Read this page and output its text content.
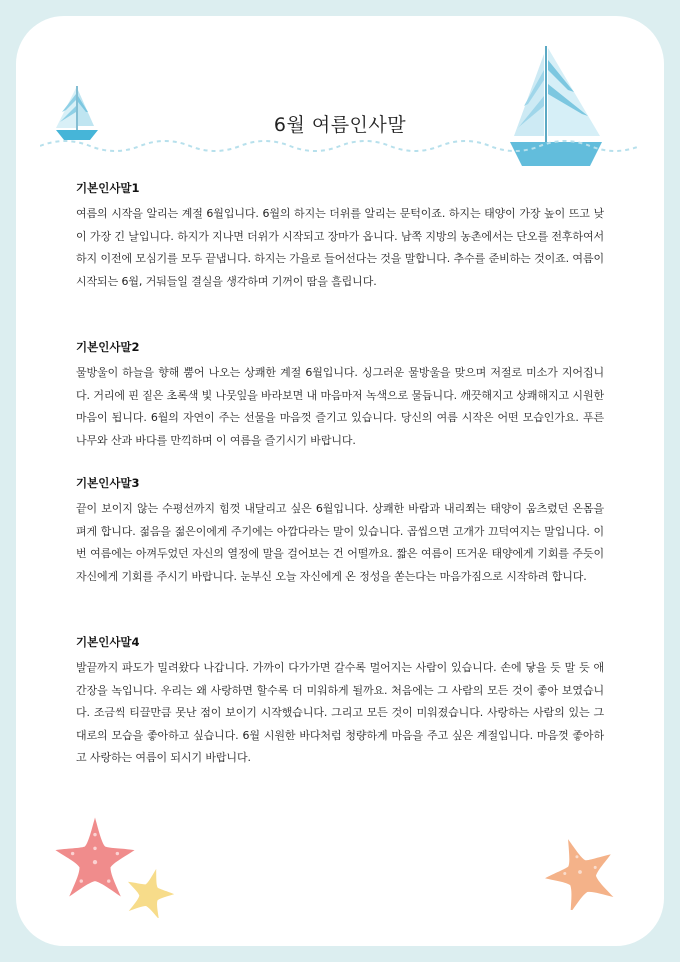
6월 여름인사말
기본인사말1

여름의 시작을 알리는 계절 6월입니다. 6월의 하지는 더위를 알리는 문턱이죠. 하지는 태양이 가장 높이 뜨고 낮이 가장 긴 날입니다. 하지가 지나면 더위가 시작되고 장마가 옵니다. 남쪽 지방의 농촌에서는 단오를 전후하여서 하지 이전에 모심기를 모두 끝냅니다. 하지는 가을로 들어선다는 것을 말합니다. 추수를 준비하는 것이죠. 여름이 시작되는 6월, 거둬들일 결실을 생각하며 기꺼이 땀을 흘립니다.

기본인사말2

물방울이 하늘을 향해 뿜어 나오는 상쾌한 계절 6월입니다. 싱그러운 물방울을 맞으며 저절로 미소가 지어집니다. 거리에 핀 짙은 초록색 빛 나뭇잎을 바라보면 내 마음마저 녹색으로 물듭니다. 깨끗해지고 상쾌해지고 시원한 마음이 됩니다. 6월의 자연이 주는 선물을 마음껏 즐기고 있습니다. 당신의 여름 시작은 어떤 모습인가요. 푸른 나무와 산과 바다를 만끽하며 이 여름을 즐기시기 바랍니다.

기본인사말3

끝이 보이지 않는 수평선까지 힘껏 내달리고 싶은 6월입니다. 상쾌한 바람과 내리쬐는 태양이 움츠렸던 온몸을 펴게 합니다. 젊음을 젊은이에게 주기에는 아깝다라는 말이 있습니다. 곱씹으면 고개가 끄덕여지는 말입니다. 이번 여름에는 아껴두었던 자신의 열정에 말을 걸어보는 건 어떨까요. 짧은 여름이 뜨거운 태양에게 기회를 주듯이 자신에게 기회를 주시기 바랍니다. 눈부신 오늘 자신에게 온 정성을 쏟는다는 마음가짐으로 시작하려 합니다.

기본인사말4

발끝까지 파도가 밀려왔다 나갑니다. 가까이 다가가면 갈수록 멀어지는 사람이 있습니다. 손에 닿을 듯 말 듯 애간장을 녹입니다. 우리는 왜 사랑하면 할수록 더 미워하게 될까요. 처음에는 그 사람의 모든 것이 좋아 보였습니다. 조금씩 티끌만큼 못난 점이 보이기 시작했습니다. 그리고 모든 것이 미워졌습니다. 사랑하는 사람의 있는 그대로의 모습을 좋아하고 싶습니다. 6월 시원한 바다처럼 청량하게 마음을 주고 싶은 계절입니다. 마음껏 좋아하고 사랑하는 여름이 되시기 바랍니다.
